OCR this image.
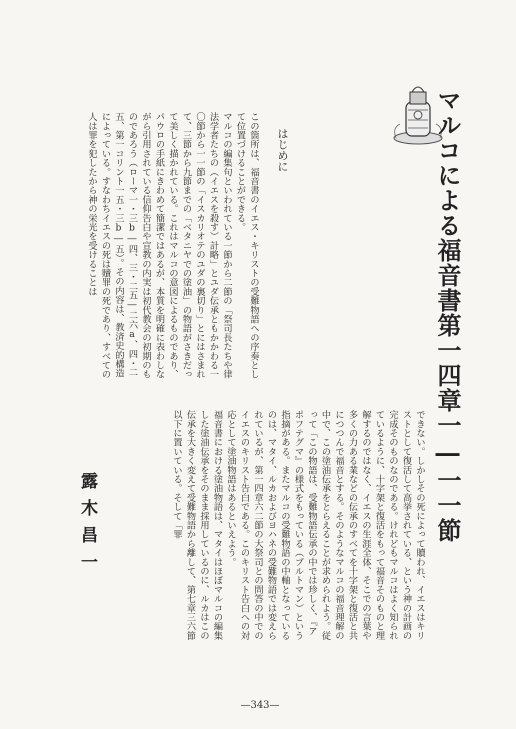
マルコによる福音書第一四章一―一一節
はじめに
この箇所は、福音書のイエス・キリストの受難物語への序奏として位置づけることができる。
マルコの編集句といわれている一節から二節の「祭司長たちや律法学者たちの（イエスを殺す）計略」とユダ伝承ともかかわる一〇節から一一節の「イスカリオテのユダの裏切り」とにはさまれて、三節から九節までの「ベタニヤでの塗油」の物語がさきだって美しく描かれている。これはマルコの意図によるものであり、パウロの手紙にきわめて簡潔ではあるが、本質を明確に表わしながら引用されている信仰告白や宣教の内実は初代教会の初期のものであろう（ローマ一・三b―四、三・二五―二六a、四・二五、第一コリント一五・三b―五）。その内容は、教済史的構造によっている。すなわちイエスの死は贖罪の死であり、すべての人は罪を犯したから神の栄光を受けることは
露木昌一	できない。しかしその死によって贖われ、イエスはキリストとして復活して高挙されている、という神の計画の完成そのものなのである。けれどもマルコはよく知られているように、十字架と復活をもって福音そのものと理解するのではなく、イエスの生涯全体、そこでの言葉や多くの力ある業などの伝承のすべてを十字架と復活と共につつんで福音とする。そのようなマルコの福音理解の中で、この塗油伝承をとらえることが求められよう。従って「この物語は、受難物語伝承の中では珍しく、『アポフテグマ』の様式をもっている（ブルトマン）という指摘がある。またマルコの受難物語の中軸となっているのは、マタイ、ルカおよびヨハネの受難物語では変えられているが、第一四章六二節の大祭司との問答の中でのイエスのキリスト告白である。このキリスト告白への対応として塗油物語はあるといえよう。
福音書における塗油物語は、マタイはほぼマルコの編集した塗油伝承をそのまま採用しているのに、ルカはこの伝承を大きく変えて受難物語から離して、第七章三六節以下に置いている。そして「罪
—343—
